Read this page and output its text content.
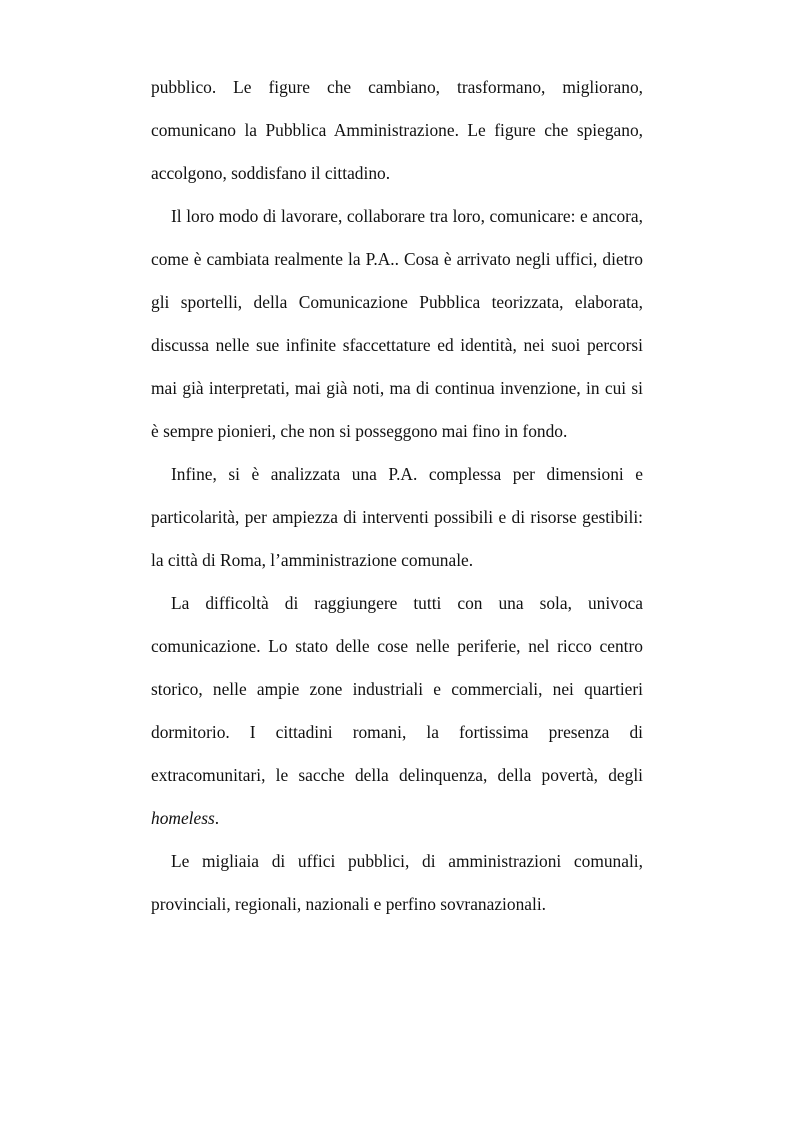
pubblico. Le figure che cambiano, trasformano, migliorano, comunicano la Pubblica Amministrazione. Le figure che spiegano, accolgono, soddisfano il cittadino.

Il loro modo di lavorare, collaborare tra loro, comunicare: e ancora, come è cambiata realmente la P.A.. Cosa è arrivato negli uffici, dietro gli sportelli, della Comunicazione Pubblica teorizzata, elaborata, discussa nelle sue infinite sfaccettature ed identità, nei suoi percorsi mai già interpretati, mai già noti, ma di continua invenzione, in cui si è sempre pionieri, che non si posseggono mai fino in fondo.

Infine, si è analizzata una P.A. complessa per dimensioni e particolarità, per ampiezza di interventi possibili e di risorse gestibili: la città di Roma, l’amministrazione comunale.

La difficoltà di raggiungere tutti con una sola, univoca comunicazione. Lo stato delle cose nelle periferie, nel ricco centro storico, nelle ampie zone industriali e commerciali, nei quartieri dormitorio. I cittadini romani, la fortissima presenza di extracomunitari, le sacche della delinquenza, della povertà, degli homeless.

Le migliaia di uffici pubblici, di amministrazioni comunali, provinciali, regionali, nazionali e perfino sovranazionali.
